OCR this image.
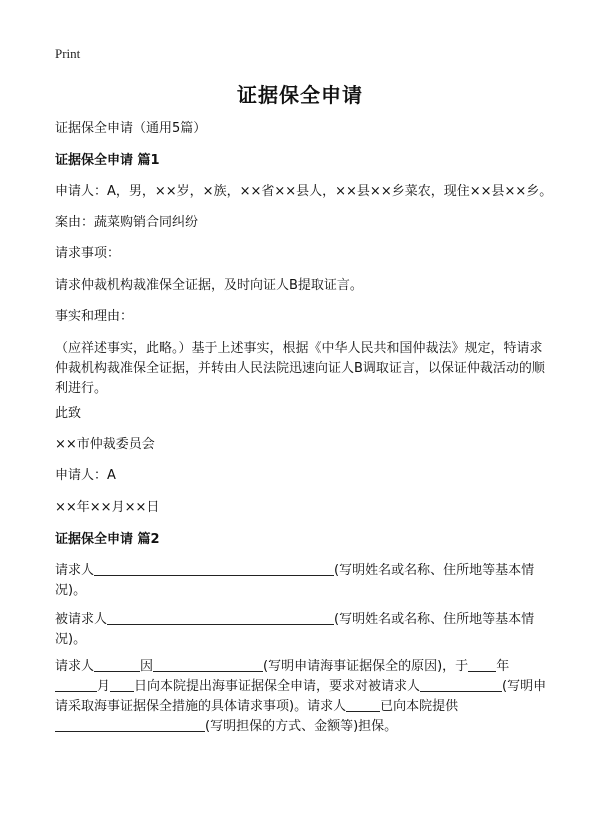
Print
证据保全申请

证据保全申请（通用5篇）

证据保全申请 篇1

申请人：A，男，××岁，×族，××省××县人，××县××乡菜农，现住××县××乡。

案由：蔬菜购销合同纠纷

请求事项：

请求仲裁机构裁准保全证据，及时向证人B提取证言。

事实和理由：

（应祥述事实，此略。）基于上述事实，根据《中华人民共和国仲裁法》规定，特请求仲裁机构裁准保全证据，并转由人民法院迅速向证人B调取证言，以保证仲裁活动的顺利进行。

此致

××市仲裁委员会

申请人：A

××年××月××日

证据保全申请 篇2

请求人	(写明姓名或名称、住所地等基本情况)。

被请求人	(写明姓名或名称、住所地等基本情况)。

请求人	因	(写明申请海事证据保全的原因)，于 年月 日向本院提出海事证据保全申请，要求对被请求人	(写明申请采取海事证据保全措施的具体请求事项)。请求人	已向本院提供(写明担保的方式、金额等)担保。
